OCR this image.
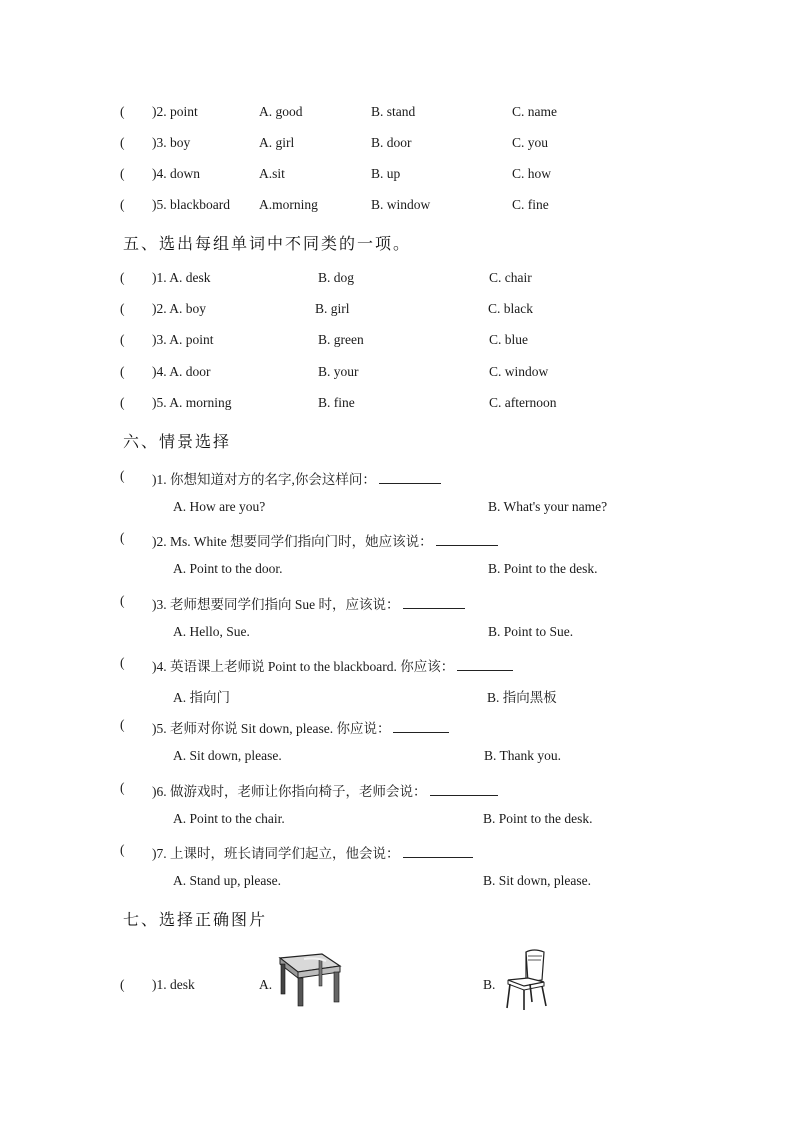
( )2. point	A. good	B. stand	C. name
( )3. boy	A. girl	B. door	C. you
( )4. down	A.sit	B. up	C. how
( )5. blackboard A.morning	B. window	C. fine
五、选出每组单词中不同类的一项。
( )1. A. desk	B. dog	C. chair
( )2. A. boy	B. girl	C. black
( )3. A. point	B. green	C. blue
( )4. A. door	B. your	C. window
( )5. A. morning	B. fine	C. afternoon
六、情景选择
( )1. 你想知道对方的名字,你会这样问：
A. How are you?	B. What's your name?
( )2. Ms. White 想要同学们指向门时，她应该说：
A. Point to the door.	B. Point to the desk.
( )3. 老师想要同学们指向 Sue 时，应该说：
A. Hello, Sue.	B. Point to Sue.
( )4. 英语课上老师说 Point to the blackboard. 你应该：
A. 指向门	B. 指向黑板
( )5. 老师对你说 Sit down, please. 你应说：
A. Sit down, please.	B. Thank you.
( )6. 做游戏时，老师让你指向椅子，老师会说：
A. Point to the chair.	B. Point to the desk.
( )7. 上课时，班长请同学们起立，他会说：
A. Stand up, please.	B. Sit down, please.
七、选择正确图片
( )1. desk	A.	B.
